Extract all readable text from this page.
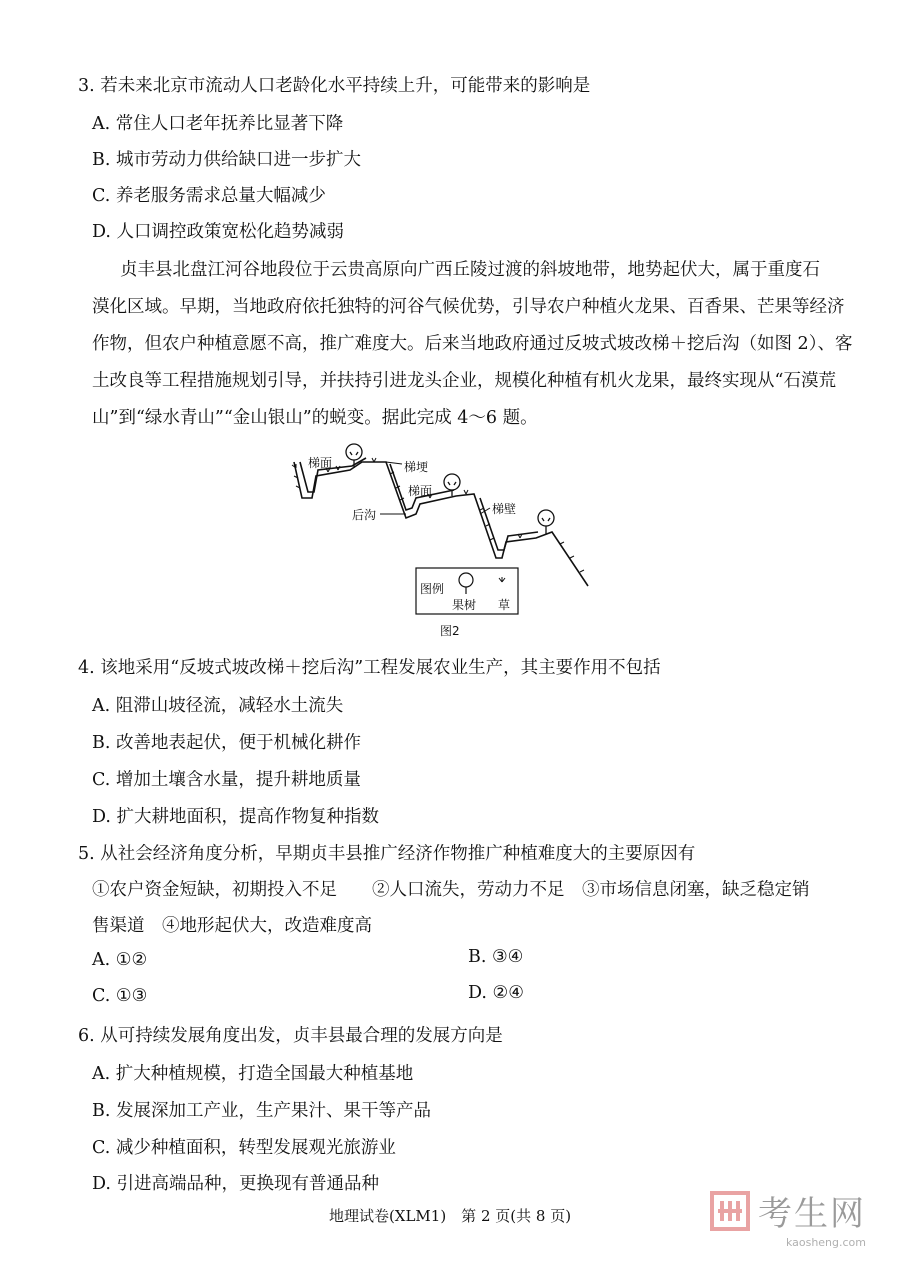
3. 若未来北京市流动人口老龄化水平持续上升，可能带来的影响是
A. 常住人口老年抚养比显著下降
B. 城市劳动力供给缺口进一步扩大
C. 养老服务需求总量大幅减少
D. 人口调控政策宽松化趋势减弱
贞丰县北盘江河谷地段位于云贵高原向广西丘陵过渡的斜坡地带，地势起伏大，属于重度石
漠化区域。早期，当地政府依托独特的河谷气候优势，引导农户种植火龙果、百香果、芒果等经济
作物，但农户种植意愿不高，推广难度大。后来当地政府通过反坡式坡改梯＋挖后沟（如图 2）、客
土改良等工程措施规划引导，并扶持引进龙头企业，规模化种植有机火龙果，最终实现从“石漠荒
山”到“绿水青山”“金山银山”的蜕变。据此完成 4～6 题。
梯面	梯埂
梯面
后沟	梯壁
图例
果树 草
图2
4. 该地采用“反坡式坡改梯＋挖后沟”工程发展农业生产，其主要作用不包括
A. 阻滞山坡径流，减轻水土流失
B. 改善地表起伏，便于机械化耕作
C. 增加土壤含水量，提升耕地质量
D. 扩大耕地面积，提高作物复种指数
5. 从社会经济角度分析，早期贞丰县推广经济作物推广种植难度大的主要原因有
①农户资金短缺，初期投入不足　　②人口流失，劳动力不足　③市场信息闭塞，缺乏稳定销
售渠道　④地形起伏大，改造难度高
A. ①②	B. ③④
C. ①③	D. ②④
6. 从可持续发展角度出发，贞丰县最合理的发展方向是
A. 扩大种植规模，打造全国最大种植基地
B. 发展深加工产业，生产果汁、果干等产品
C. 减少种植面积，转型发展观光旅游业
D. 引进高端品种，更换现有普通品种
地理试卷(XLM1)　第 2 页(共 8 页)	考生网
kaosheng.com
